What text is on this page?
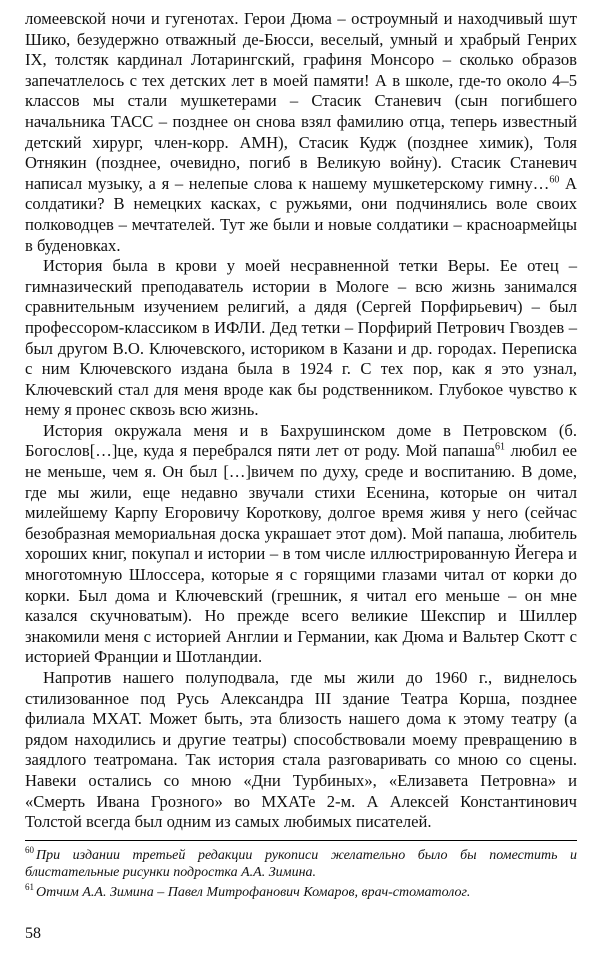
ломеевской ночи и гугенотах. Герои Дюма – остроумный и находчивый шут Шико, безудержно отважный де-Бюсси, веселый, умный и храбрый Генрих IX, толстяк кардинал Лотарингский, графиня Монсоро – сколько образов запечатлелось с тех детских лет в моей памяти! А в школе, где-то около 4–5 классов мы стали мушкетерами – Стасик Станевич (сын погибшего начальника ТАСС – позднее он снова взял фамилию отца, теперь известный детский хирург, член-корр. АМН), Стасик Кудж (позднее химик), Толя Отнякин (позднее, очевидно, погиб в Великую войну). Стасик Станевич написал музыку, а я – нелепые слова к нашему мушкетерскому гимну…$^{60}$ А солдатики? В немецких касках, с ружьями, они подчинялись воле своих полководцев – мечтателей. Тут же были и новые солдатики – красноармейцы в буденовках.

История была в крови у моей несравненной тетки Веры. Ее отец – гимназический преподаватель истории в Мологе – всю жизнь занимался сравнительным изучением религий, а дядя (Сергей Порфирьевич) – был профессором-классиком в ИФЛИ. Дед тетки – Порфирий Петрович Гвоздев – был другом В.О. Ключевского, историком в Казани и др. городах. Переписка с ним Ключевского издана была в 1924 г. С тех пор, как я это узнал, Ключевский стал для меня вроде как бы родственником. Глубокое чувство к нему я пронес сквозь всю жизнь.

История окружала меня и в Бахрушинском доме в Петровском (б. Богослов[…]це, куда я перебрался пяти лет от роду. Мой папаша$^{61}$ любил ее не меньше, чем я. Он был […]вичем по духу, среде и воспитанию. В доме, где мы жили, еще недавно звучали стихи Есенина, которые он читал милейшему Карпу Егоровичу Короткову, долгое время живя у него (сейчас безобразная мемориальная доска украшает этот дом). Мой папаша, любитель хороших книг, покупал и истории – в том числе иллюстрированную Йегера и многотомную Шлоссера, которые я с горящими глазами читал от корки до корки. Был дома и Ключевский (грешник, я читал его меньше – он мне казался скучноватым). Но прежде всего великие Шекспир и Шиллер знакомили меня с историей Англии и Германии, как Дюма и Вальтер Скотт с историей Франции и Шотландии.

Напротив нашего полуподвала, где мы жили до 1960 г., виднелось стилизованное под Русь Александра III здание Театра Корша, позднее филиала МХАТ. Может быть, эта близость нашего дома к этому театру (а рядом находились и другие театры) способствовали моему превращению в заядлого театромана. Так история стала разговаривать со мною со сцены. Навеки остались со мною «Дни Турбиных», «Елизавета Петровна» и «Смерть Ивана Грозного» во МХАТе 2-м. А Алексей Константинович Толстой всегда был одним из самых любимых писателей.

$^{60}$ При издании третьей редакции рукописи желательно было бы поместить и блистательные рисунки подростка А.А. Зимина.

$^{61}$ Отчим А.А. Зимина – Павел Митрофанович Комаров, врач-стоматолог.

58
